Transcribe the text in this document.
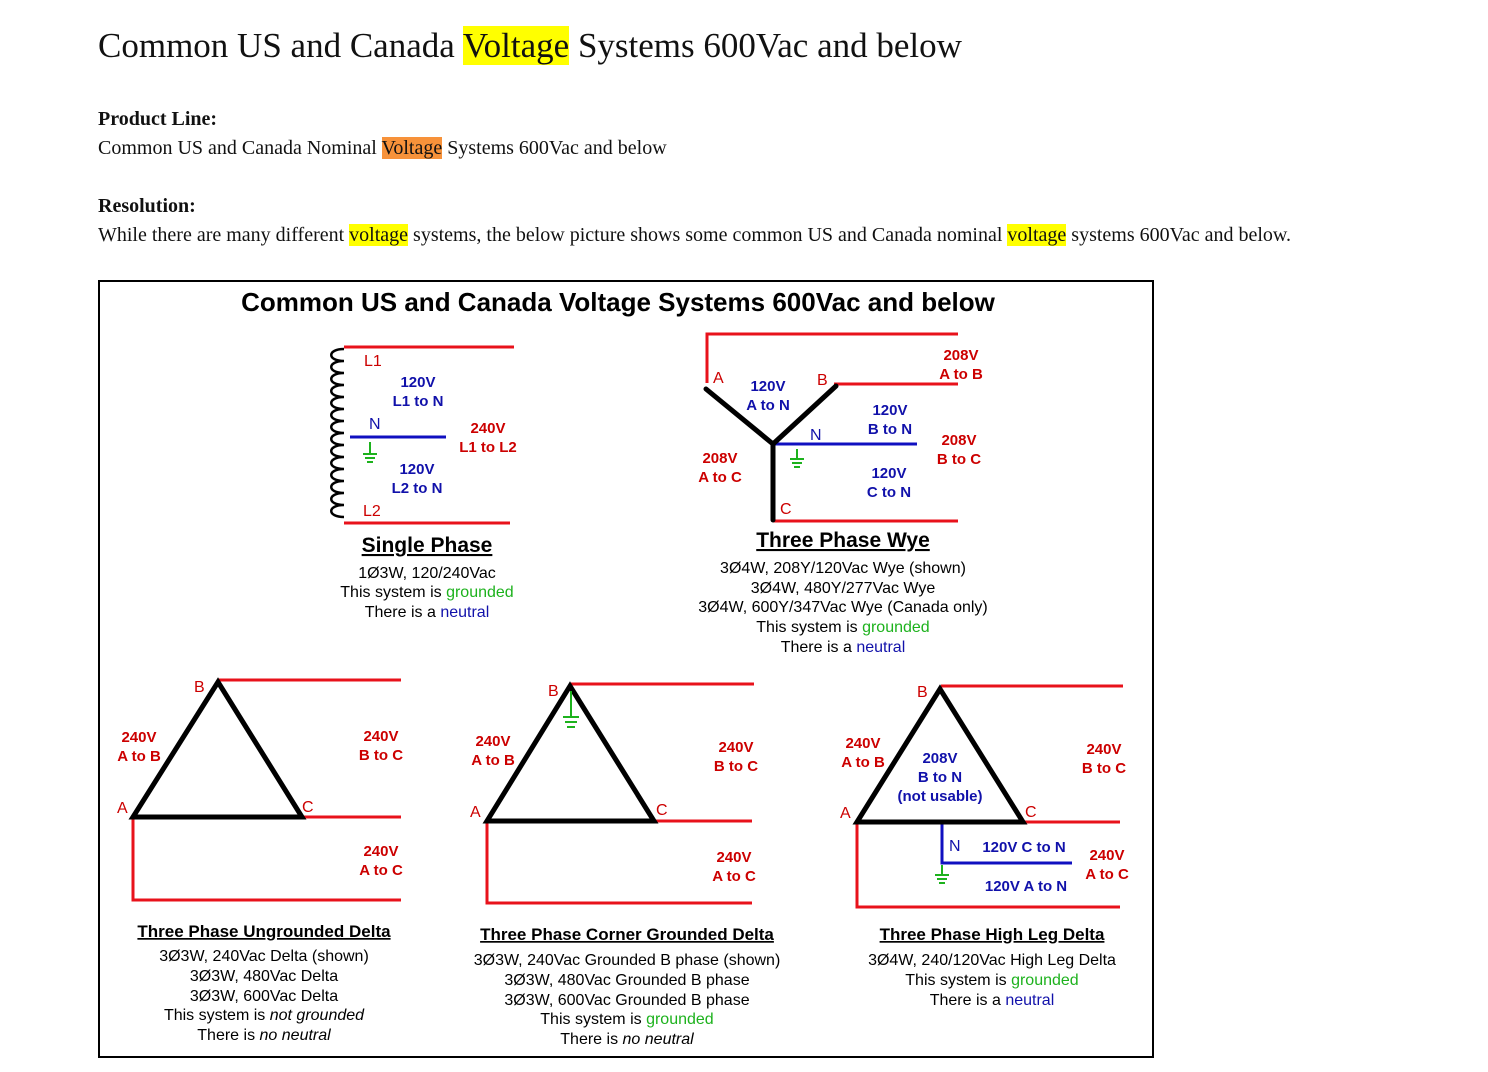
Common US and Canada Voltage Systems 600Vac and below
Product Line:
Common US and Canada Nominal Voltage Systems 600Vac and below
Resolution:
While there are many different voltage systems, the below picture shows some common US and Canada nominal voltage systems 600Vac and below.
Common US and Canada Voltage Systems 600Vac and below
L1
N
L2
120V
L1 to N
240V
L1 to L2
120V
L2 to N
Single Phase
1Ø3W, 120/240Vac
This system is grounded
There is a neutral
A	B
C
N
120V
A to N	120V
B to N
120V
C to N
208V
A to B
208V
B to C
208V
A to C
Three Phase Wye
3Ø4W, 208Y/120Vac Wye (shown)
3Ø4W, 480Y/277Vac Wye
3Ø4W, 600Y/347Vac Wye (Canada only)
This system is grounded
There is a neutral
B
A	C
240V
A to B
240V
B to C
240V
A to C
Three Phase Ungrounded Delta
3Ø3W, 240Vac Delta (shown)
3Ø3W, 480Vac Delta
3Ø3W, 600Vac Delta
This system is not grounded
There is no neutral
B
A	C
240V
A to B
240V
B to C
240V
A to C
Three Phase Corner Grounded Delta
3Ø3W, 240Vac Grounded B phase (shown)
3Ø3W, 480Vac Grounded B phase
3Ø3W, 600Vac Grounded B phase
This system is grounded
There is no neutral
B
A	C
N
240V
A to B
240V
B to C
240V
A to C
208V
B to N
(not usable)
120V C to N
120V A to N
Three Phase High Leg Delta
3Ø4W, 240/120Vac High Leg Delta
This system is grounded
There is a neutral
